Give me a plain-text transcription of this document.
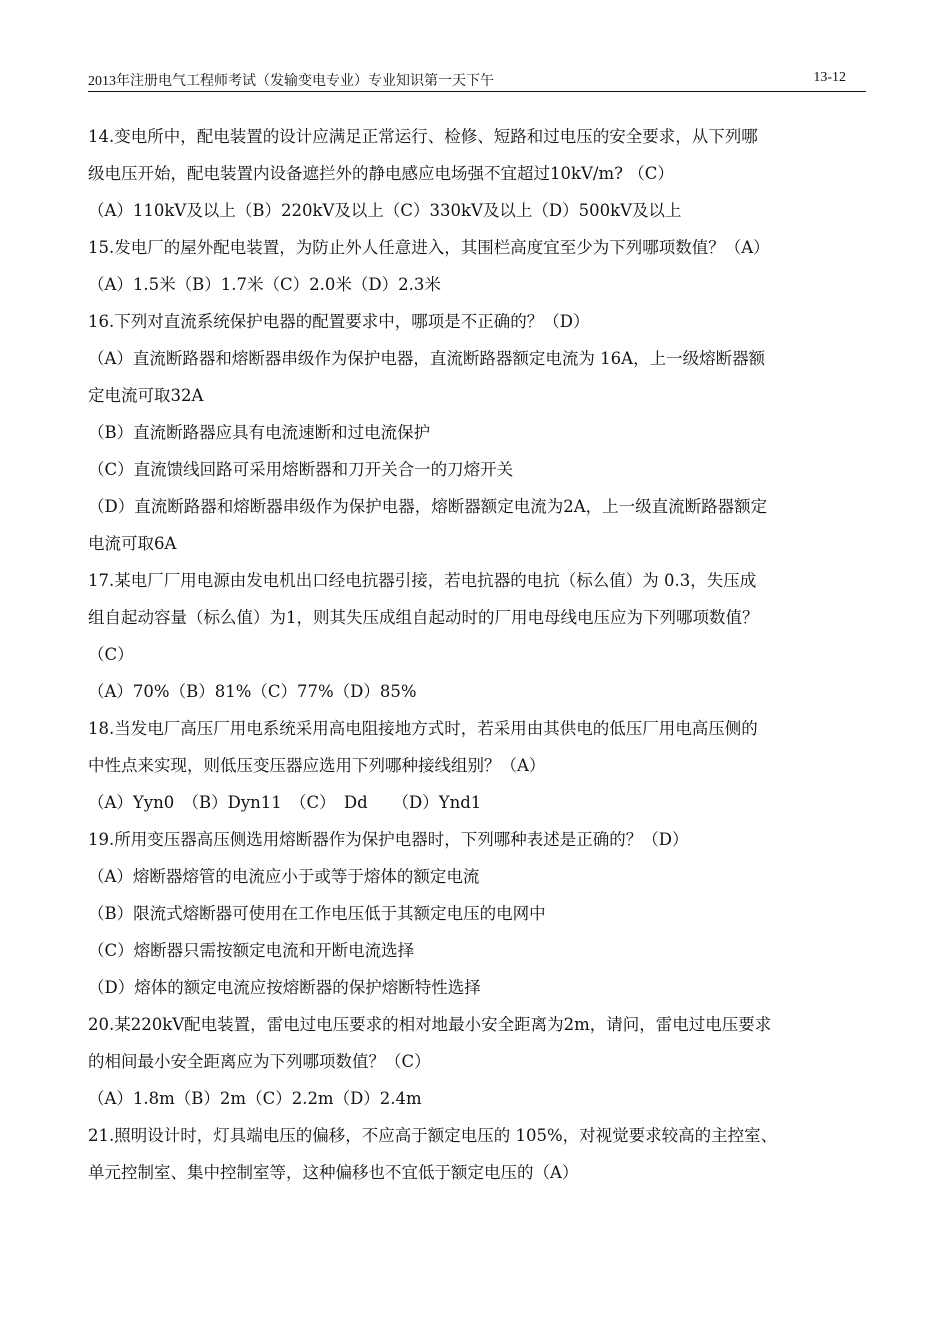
2013年注册电气工程师考试（发输变电专业）专业知识第一天下午	13-12
14.变电所中，配电装置的设计应满足正常运行、检修、短路和过电压的安全要求，从下列哪
级电压开始，配电装置内设备遮拦外的静电感应电场强不宜超过10kV/m? （C）
（A）110kV及以上（B）220kV及以上（C）330kV及以上（D）500kV及以上
15.发电厂的屋外配电装置，为防止外人任意进入，其围栏高度宜至少为下列哪项数值？（A）
（A）1.5米（B）1.7米（C）2.0米（D）2.3米
16.下列对直流系统保护电器的配置要求中，哪项是不正确的？（D）
（A）直流断路器和熔断器串级作为保护电器，直流断路器额定电流为 16A，上一级熔断器额
定电流可取32A
（B）直流断路器应具有电流速断和过电流保护
（C）直流馈线回路可采用熔断器和刀开关合一的刀熔开关
（D）直流断路器和熔断器串级作为保护电器，熔断器额定电流为2A，上一级直流断路器额定
电流可取6A
17.某电厂厂用电源由发电机出口经电抗器引接，若电抗器的电抗（标么值）为 0.3，失压成
组自起动容量（标么值）为1，则其失压成组自起动时的厂用电母线电压应为下列哪项数值？
（C）
（A）70%（B）81%（C）77%（D）85%
18.当发电厂高压厂用电系统采用高电阻接地方式时，若采用由其供电的低压厂用电高压侧的
中性点来实现，则低压变压器应选用下列哪种接线组别？（A）
（A）Yyn0　（B）Dyn11　（C）　Dd　　（D）Ynd1
19.所用变压器高压侧选用熔断器作为保护电器时，下列哪种表述是正确的？（D）
（A）熔断器熔管的电流应小于或等于熔体的额定电流
（B）限流式熔断器可使用在工作电压低于其额定电压的电网中
（C）熔断器只需按额定电流和开断电流选择
（D）熔体的额定电流应按熔断器的保护熔断特性选择
20.某220kV配电装置，雷电过电压要求的相对地最小安全距离为2m，请问，雷电过电压要求
的相间最小安全距离应为下列哪项数值？（C）
（A）1.8m（B）2m（C）2.2m（D）2.4m
21.照明设计时，灯具端电压的偏移，不应高于额定电压的 105%，对视觉要求较高的主控室、
单元控制室、集中控制室等，这种偏移也不宜低于额定电压的（A）
